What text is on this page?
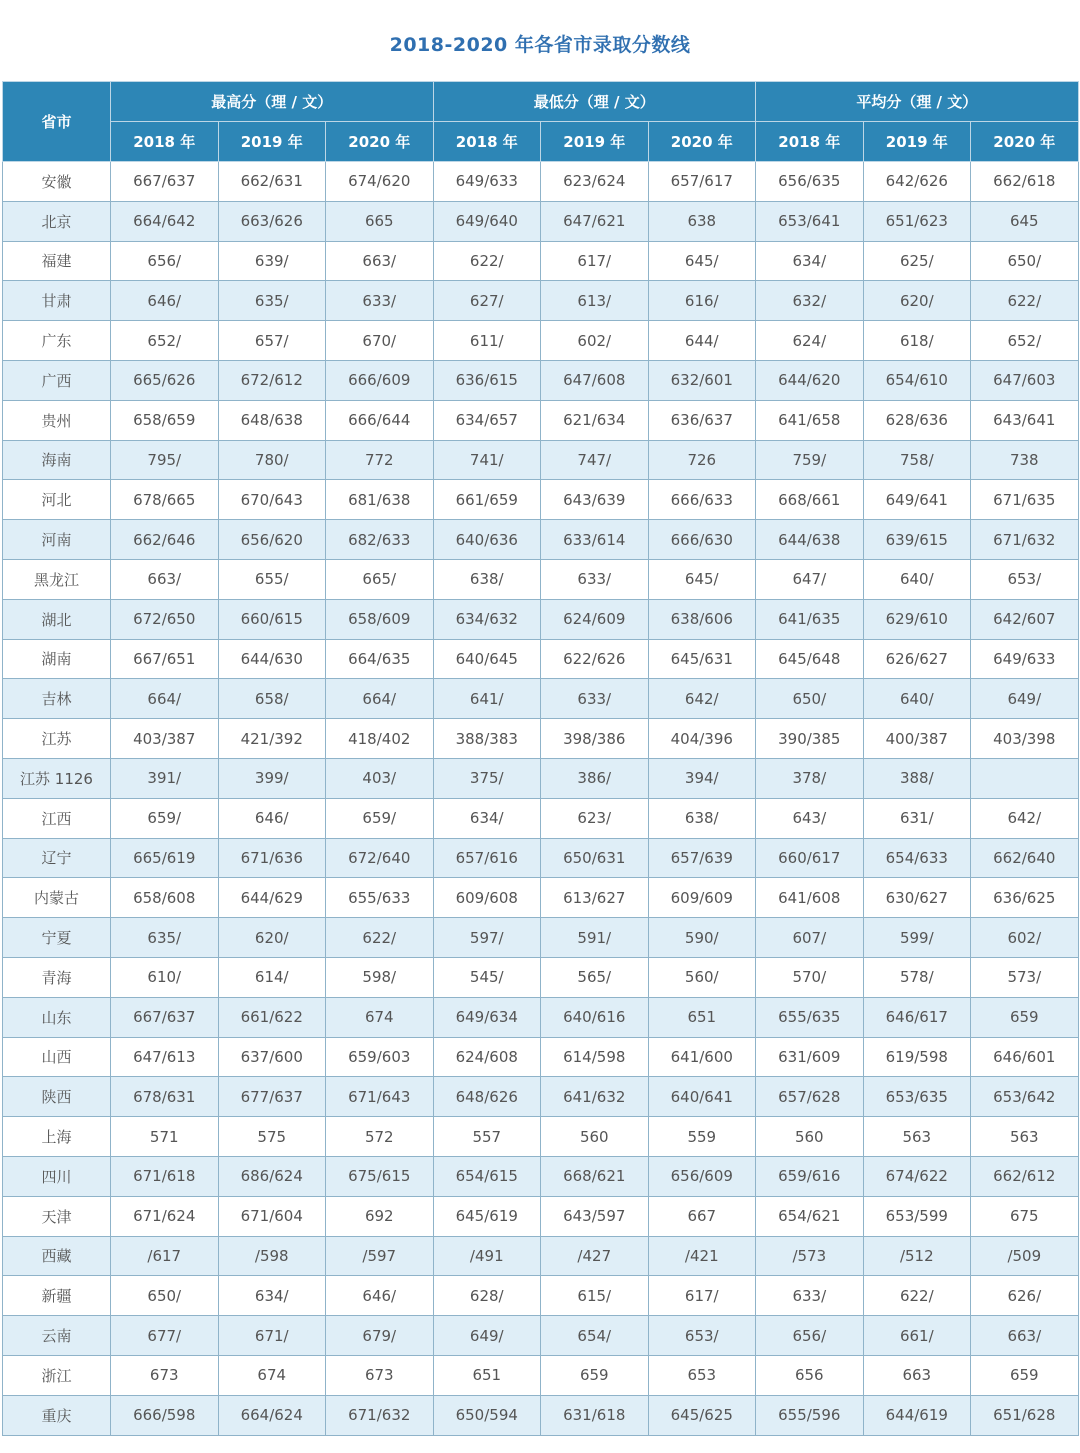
2018-2020 年各省市录取分数线
省市	最高分（理 / 文）			最低分（理 / 文）			平均分（理 / 文）		
	2018 年	2019 年	2020 年	2018 年	2019 年	2020 年	2018 年	2019 年	2020 年
安徽	667/637	662/631	674/620	649/633	623/624	657/617	656/635	642/626	662/618
北京	664/642	663/626	665	649/640	647/621	638	653/641	651/623	645
福建	656/	639/	663/	622/	617/	645/	634/	625/	650/
甘肃	646/	635/	633/	627/	613/	616/	632/	620/	622/
广东	652/	657/	670/	611/	602/	644/	624/	618/	652/
广西	665/626	672/612	666/609	636/615	647/608	632/601	644/620	654/610	647/603
贵州	658/659	648/638	666/644	634/657	621/634	636/637	641/658	628/636	643/641
海南	795/	780/	772	741/	747/	726	759/	758/	738
河北	678/665	670/643	681/638	661/659	643/639	666/633	668/661	649/641	671/635
河南	662/646	656/620	682/633	640/636	633/614	666/630	644/638	639/615	671/632
黑龙江	663/	655/	665/	638/	633/	645/	647/	640/	653/
湖北	672/650	660/615	658/609	634/632	624/609	638/606	641/635	629/610	642/607
湖南	667/651	644/630	664/635	640/645	622/626	645/631	645/648	626/627	649/633
吉林	664/	658/	664/	641/	633/	642/	650/	640/	649/
江苏	403/387	421/392	418/402	388/383	398/386	404/396	390/385	400/387	403/398
江苏 1126	391/	399/	403/	375/	386/	394/	378/	388/	
江西	659/	646/	659/	634/	623/	638/	643/	631/	642/
辽宁	665/619	671/636	672/640	657/616	650/631	657/639	660/617	654/633	662/640
内蒙古	658/608	644/629	655/633	609/608	613/627	609/609	641/608	630/627	636/625
宁夏	635/	620/	622/	597/	591/	590/	607/	599/	602/
青海	610/	614/	598/	545/	565/	560/	570/	578/	573/
山东	667/637	661/622	674	649/634	640/616	651	655/635	646/617	659
山西	647/613	637/600	659/603	624/608	614/598	641/600	631/609	619/598	646/601
陕西	678/631	677/637	671/643	648/626	641/632	640/641	657/628	653/635	653/642
上海	571	575	572	557	560	559	560	563	563
四川	671/618	686/624	675/615	654/615	668/621	656/609	659/616	674/622	662/612
天津	671/624	671/604	692	645/619	643/597	667	654/621	653/599	675
西藏	/617	/598	/597	/491	/427	/421	/573	/512	/509
新疆	650/	634/	646/	628/	615/	617/	633/	622/	626/
云南	677/	671/	679/	649/	654/	653/	656/	661/	663/
浙江	673	674	673	651	659	653	656	663	659
重庆	666/598	664/624	671/632	650/594	631/618	645/625	655/596	644/619	651/628
